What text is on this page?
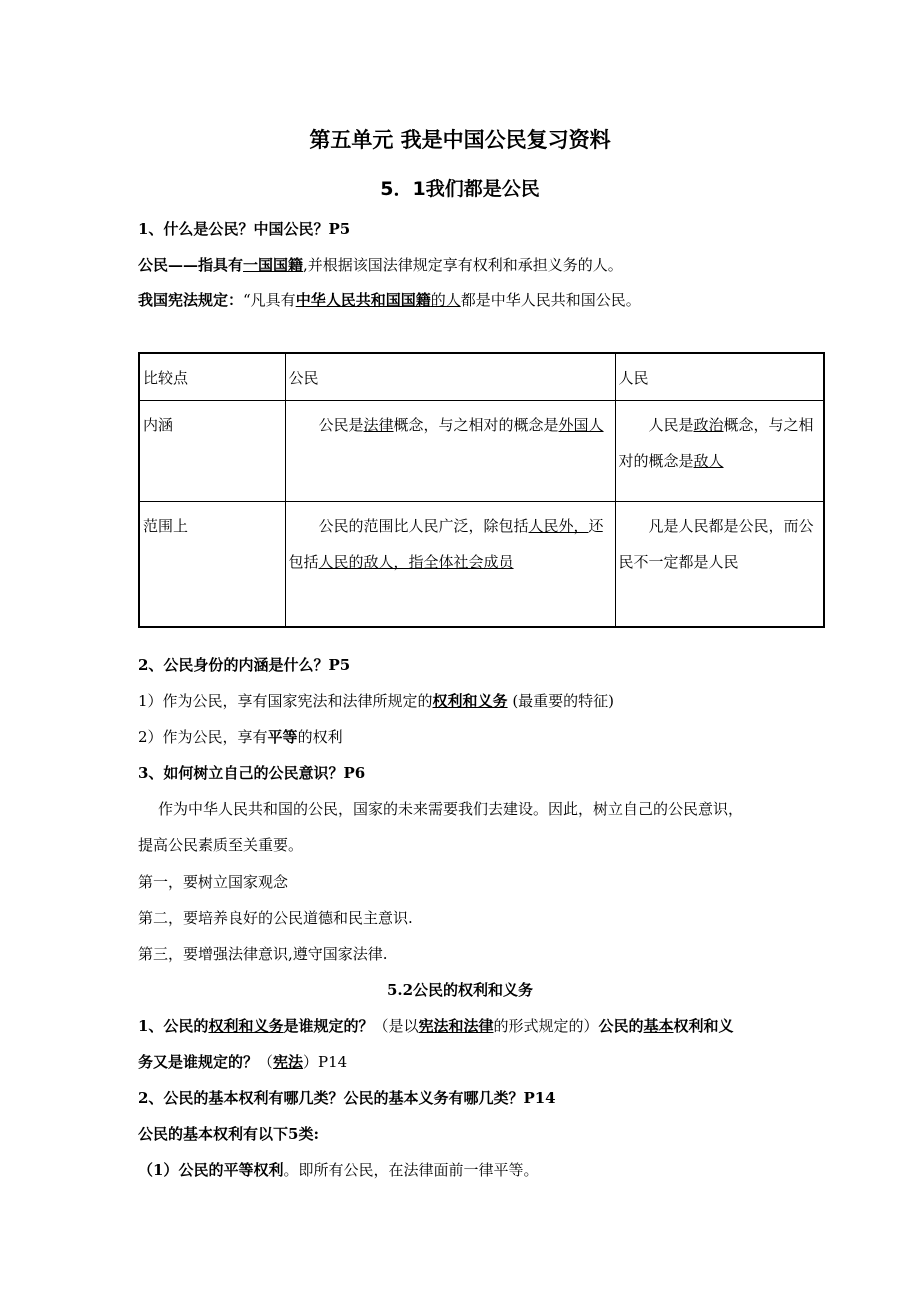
第五单元 我是中国公民复习资料
5．1我们都是公民
1、什么是公民？中国公民？P5
公民——指具有一国国籍,并根据该国法律规定享有权利和承担义务的人。
我国宪法规定：“凡具有中华人民共和国国籍的人都是中华人民共和国公民。
比较点	公民	人民
内涵	公民是法律概念，与之相对的概念是外国人	人民是政治概念，与之相对的概念是敌人

范围上	公民的范围比人民广泛，除包括人民外，还包括人民的敌人，指全体社会成员	凡是人民都是公民，而公民不一定都是人民
2、公民身份的内涵是什么？P5
1）作为公民，享有国家宪法和法律所规定的权利和义务 (最重要的特征)
2）作为公民，享有平等的权利
3、如何树立自己的公民意识？P6
作为中华人民共和国的公民，国家的未来需要我们去建设。因此，树立自己的公民意识，
提高公民素质至关重要。
第一，要树立国家观念
第二，要培养良好的公民道德和民主意识.
第三，要增强法律意识,遵守国家法律.
5.2公民的权利和义务
1、公民的权利和义务是谁规定的？（是以宪法和法律的形式规定的）公民的基本权利和义
务又是谁规定的？（宪法）P14
2、公民的基本权利有哪几类？公民的基本义务有哪几类？P14
公民的基本权利有以下5类:
（1）公民的平等权利。即所有公民，在法律面前一律平等。
